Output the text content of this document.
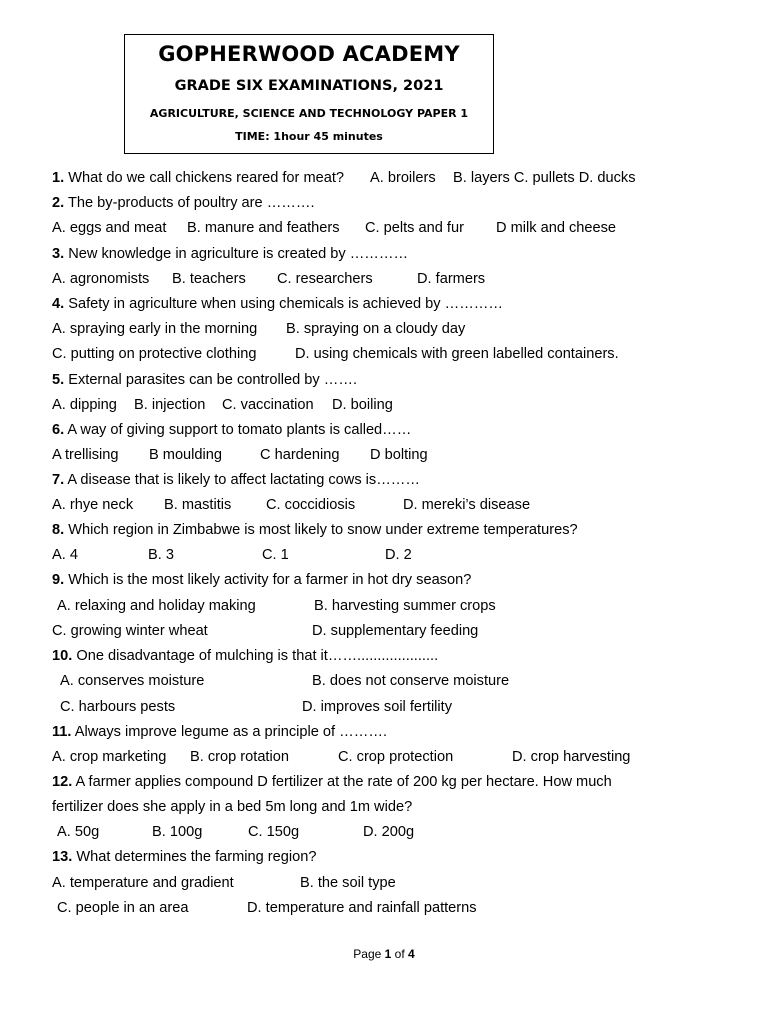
GOPHERWOOD ACADEMY
GRADE SIX EXAMINATIONS, 2021
AGRICULTURE, SCIENCE AND TECHNOLOGY PAPER 1
TIME: 1hour 45 minutes
1. What do we call chickens reared for meat? A. broilers B. layers C. pullets D. ducks
2. The by-products of poultry are ……….
A. eggs and meat B. manure and feathers C. pelts and fur D milk and cheese
3. New knowledge in agriculture is created by …………
A. agronomists B. teachers C. researchers	D. farmers
4. Safety in agriculture when using chemicals is achieved by …………
A. spraying early in the morning B. spraying on a cloudy day
C. putting on protective clothing	D. using chemicals with green labelled containers.
5. External parasites can be controlled by …….
A. dipping B. injection C. vaccination D. boiling
6. A way of giving support to tomato plants is called……
A trellising B moulding	C hardening D bolting
7. A disease that is likely to affect lactating cows is………
A. rhye neck B. mastitis C. coccidiosis	D. mereki’s disease
8. Which region in Zimbabwe is most likely to snow under extreme temperatures?
A. 4	B. 3	C. 1	D. 2
9. Which is the most likely activity for a farmer in hot dry season?
A. relaxing and holiday making	B. harvesting summer crops
C. growing winter wheat	D. supplementary feeding
10. One disadvantage of mulching is that it……....................
A. conserves moisture	B. does not conserve moisture
C. harbours pests	D. improves soil fertility
11. Always improve legume as a principle of ……….
A. crop marketing B. crop rotation	C. crop protection	D. crop harvesting
12. A farmer applies compound D fertilizer at the rate of 200 kg per hectare. How much
fertilizer does she apply in a bed 5m long and 1m wide?
A. 50g	B. 100g	C. 150g	D. 200g
13. What determines the farming region?
A. temperature and gradient	B. the soil type
C. people in an area	D. temperature and rainfall patterns
Page 1 of 4
